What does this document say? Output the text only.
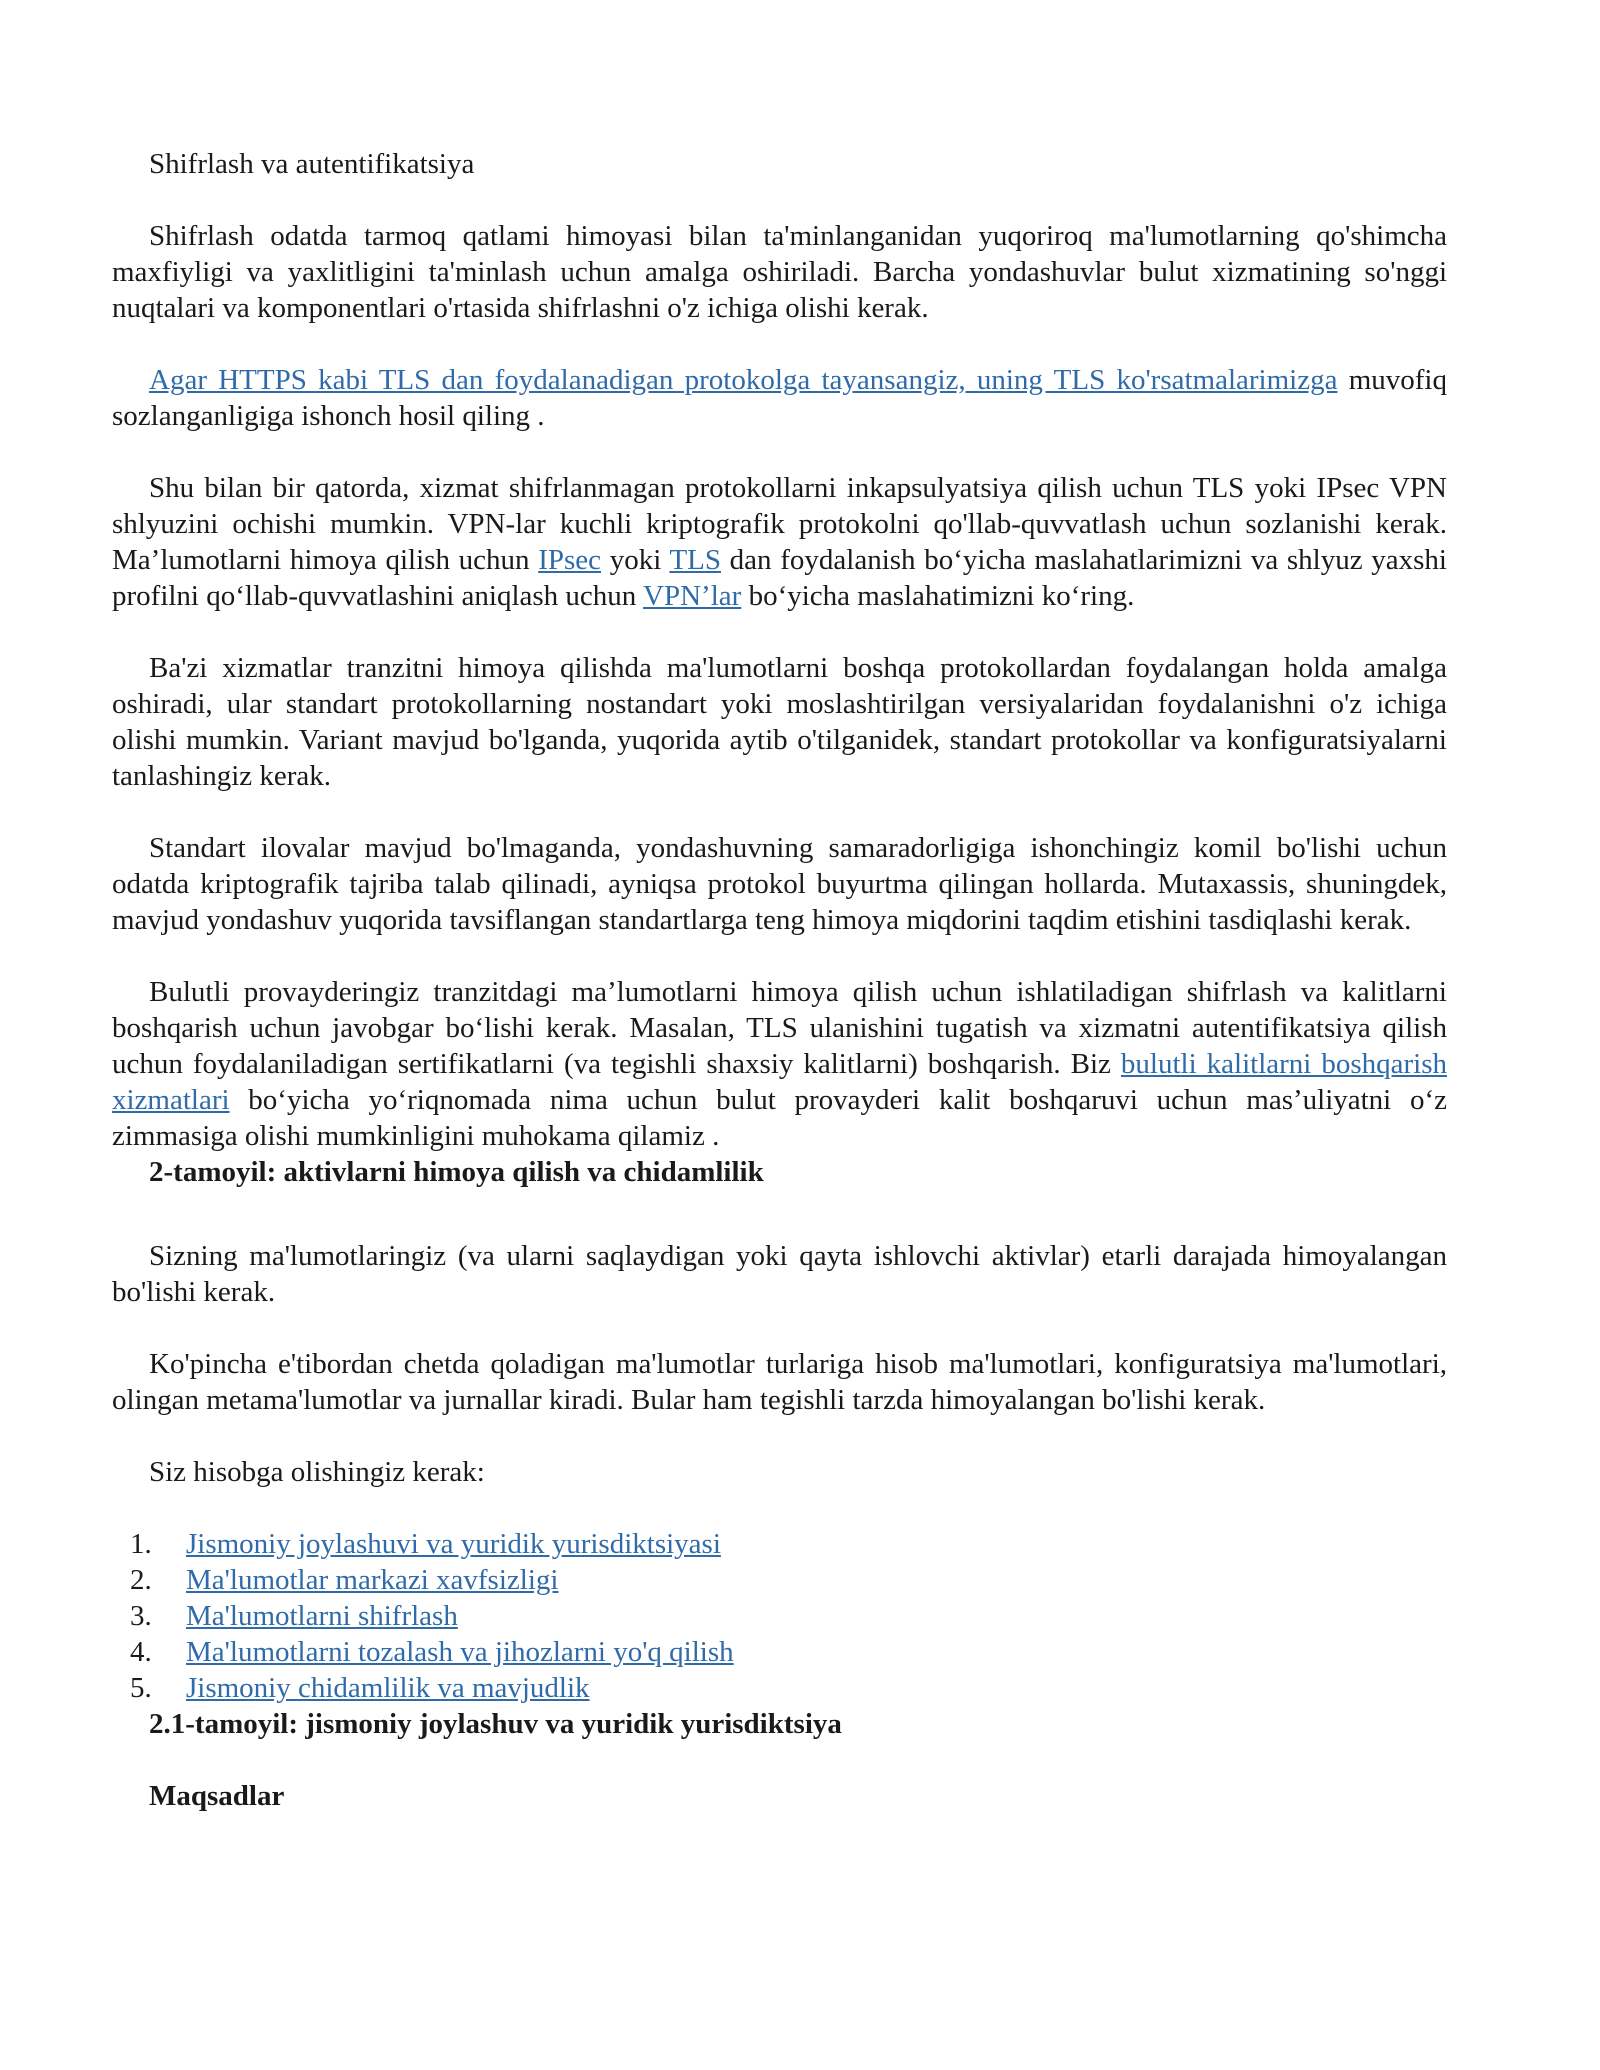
Shifrlash va autentifikatsiya

Shifrlash odatda tarmoq qatlami himoyasi bilan ta'minlanganidan yuqoriroq ma'lumotlarning qo'shimcha maxfiyligi va yaxlitligini ta'minlash uchun amalga oshiriladi. Barcha yondashuvlar bulut xizmatining so'nggi nuqtalari va komponentlari o'rtasida shifrlashni o'z ichiga olishi kerak.

Agar HTTPS kabi TLS dan foydalanadigan protokolga tayansangiz, uning TLS ko'rsatmalarimizga muvofiq sozlanganligiga ishonch hosil qiling .

Shu bilan bir qatorda, xizmat shifrlanmagan protokollarni inkapsulyatsiya qilish uchun TLS yoki IPsec VPN shlyuzini ochishi mumkin. VPN-lar kuchli kriptografik protokolni qo'llab-quvvatlash uchun sozlanishi kerak. Ma’lumotlarni himoya qilish uchun IPsec yoki TLS dan foydalanish bo‘yicha maslahatlarimizni va shlyuz yaxshi profilni qo‘llab-quvvatlashini aniqlash uchun VPN’lar bo‘yicha maslahatimizni ko‘ring.

Ba'zi xizmatlar tranzitni himoya qilishda ma'lumotlarni boshqa protokollardan foydalangan holda amalga oshiradi, ular standart protokollarning nostandart yoki moslashtirilgan versiyalaridan foydalanishni o'z ichiga olishi mumkin. Variant mavjud bo'lganda, yuqorida aytib o'tilganidek, standart protokollar va konfiguratsiyalarni tanlashingiz kerak.

Standart ilovalar mavjud bo'lmaganda, yondashuvning samaradorligiga ishonchingiz komil bo'lishi uchun odatda kriptografik tajriba talab qilinadi, ayniqsa protokol buyurtma qilingan hollarda. Mutaxassis, shuningdek, mavjud yondashuv yuqorida tavsiflangan standartlarga teng himoya miqdorini taqdim etishini tasdiqlashi kerak.

Bulutli provayderingiz tranzitdagi ma’lumotlarni himoya qilish uchun ishlatiladigan shifrlash va kalitlarni boshqarish uchun javobgar bo‘lishi kerak. Masalan, TLS ulanishini tugatish va xizmatni autentifikatsiya qilish uchun foydalaniladigan sertifikatlarni (va tegishli shaxsiy kalitlarni) boshqarish. Biz bulutli kalitlarni boshqarish xizmatlari bo‘yicha yo‘riqnomada nima uchun bulut provayderi kalit boshqaruvi uchun mas’uliyatni o‘z zimmasiga olishi mumkinligini muhokama qilamiz .

2-tamoyil: aktivlarni himoya qilish va chidamlilik

Sizning ma'lumotlaringiz (va ularni saqlaydigan yoki qayta ishlovchi aktivlar) etarli darajada himoyalangan bo'lishi kerak.

Ko'pincha e'tibordan chetda qoladigan ma'lumotlar turlariga hisob ma'lumotlari, konfiguratsiya ma'lumotlari, olingan metama'lumotlar va jurnallar kiradi. Bular ham tegishli tarzda himoyalangan bo'lishi kerak.

Siz hisobga olishingiz kerak:

1.	Jismoniy joylashuvi va yuridik yurisdiktsiyasi
2.	Ma'lumotlar markazi xavfsizligi
3.	Ma'lumotlarni shifrlash
4.	Ma'lumotlarni tozalash va jihozlarni yo'q qilish
5.	Jismoniy chidamlilik va mavjudlik

2.1-tamoyil: jismoniy joylashuv va yuridik yurisdiktsiya

Maqsadlar
